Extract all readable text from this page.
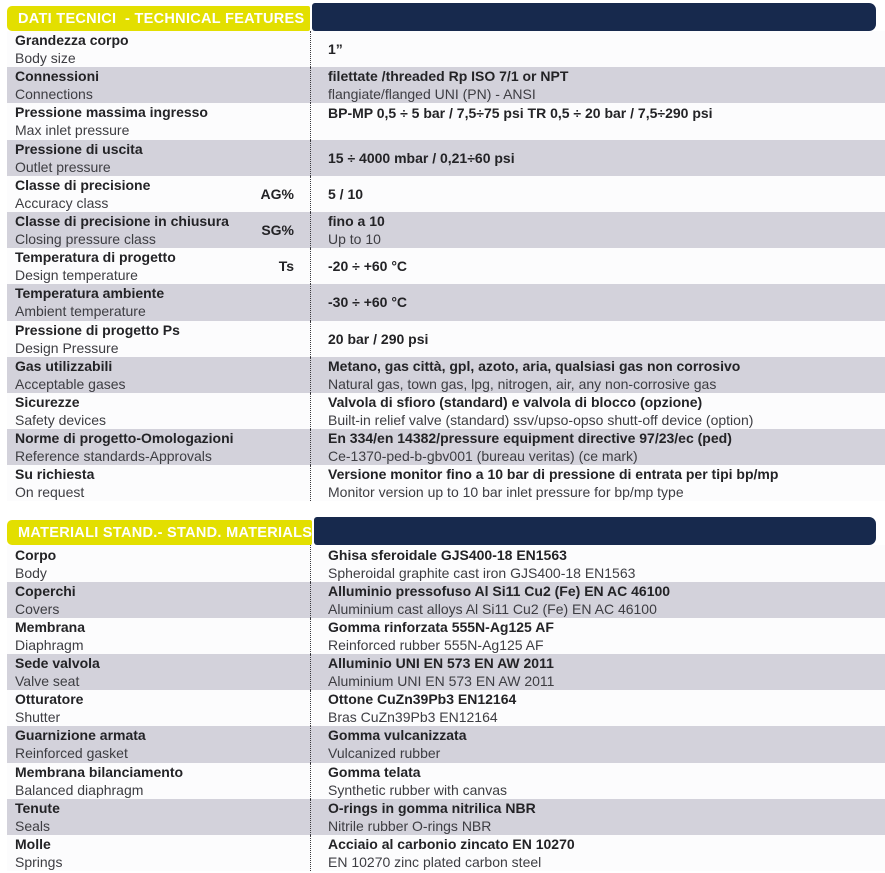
DATI TECNICI  - TECHNICAL FEATURES
Grandezza corpo
Body size
1”
Connessioni
Connections
filettate /threaded Rp ISO 7/1 or NPT
flangiate/flanged UNI (PN) - ANSI
Pressione massima ingresso
Max inlet pressure
BP-MP 0,5 ÷ 5 bar / 7,5÷75 psi TR 0,5 ÷ 20 bar / 7,5÷290 psi
Pressione di uscita
Outlet pressure
15 ÷ 4000 mbar / 0,21÷60 psi
Classe di precisione
Accuracy class
AG%	5 / 10
Classe di precisione in chiusura
Closing pressure class
SG%
fino a 10
Up to 10
Temperatura di progetto
Design temperature
Ts	-20 ÷ +60 °C
Temperatura ambiente
Ambient temperature
-30 ÷ +60 °C
Pressione di progetto Ps
Design Pressure
20 bar / 290 psi
Gas utilizzabili
Acceptable gases
Metano, gas città, gpl, azoto, aria, qualsiasi gas non corrosivo
Natural gas, town gas, lpg, nitrogen, air, any non-corrosive gas
Sicurezze
Safety devices
Valvola di sfioro (standard) e valvola di blocco (opzione)
Built-in relief valve (standard) ssv/upso-opso shutt-off device (option)
Norme di progetto-Omologazioni
Reference standards-Approvals
En 334/en 14382/pressure equipment directive 97/23/ec (ped)
Ce-1370-ped-b-gbv001 (bureau veritas) (ce mark)
Su richiesta
On request
Versione monitor fino a 10 bar di pressione di entrata per tipi bp/mp
Monitor version up to 10 bar inlet pressure for bp/mp type
MATERIALI STAND.- STAND. MATERIALS
Corpo
Body
Ghisa sferoidale GJS400-18 EN1563
Spheroidal graphite cast iron GJS400-18 EN1563
Coperchi
Covers
Alluminio pressofuso Al Si11 Cu2 (Fe) EN AC 46100
Aluminium cast alloys Al Si11 Cu2 (Fe) EN AC 46100
Membrana
Diaphragm
Gomma rinforzata 555N-Ag125 AF
Reinforced rubber 555N-Ag125 AF
Sede valvola
Valve seat
Alluminio UNI EN 573 EN AW 2011
Aluminium UNI EN 573 EN AW 2011
Otturatore
Shutter
Ottone CuZn39Pb3 EN12164
Bras CuZn39Pb3 EN12164
Guarnizione armata
Reinforced gasket
Gomma vulcanizzata
Vulcanized rubber
Membrana bilanciamento
Balanced diaphragm
Gomma telata
Synthetic rubber with canvas
Tenute
Seals
O-rings in gomma nitrilica NBR
Nitrile rubber O-rings NBR
Molle
Springs
Acciaio al carbonio zincato EN 10270
EN 10270 zinc plated carbon steel
